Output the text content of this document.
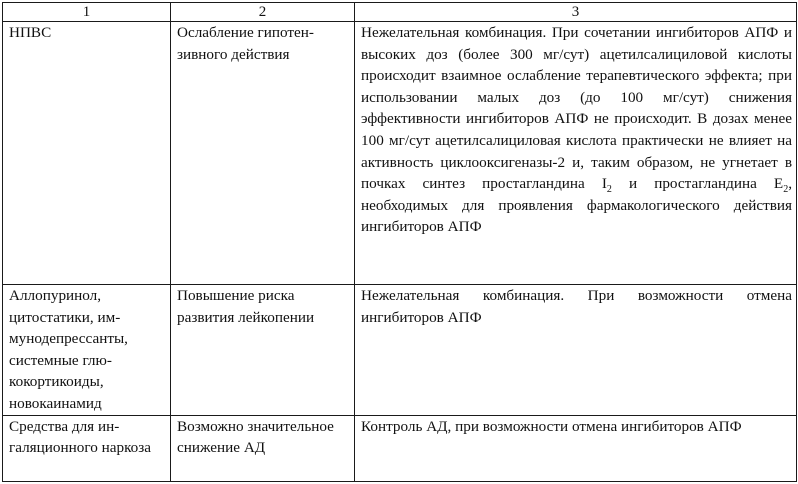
1	2	3

НПВС	Ослабление гипотензивного действия	Нежелательная комбинация. При сочетании ингибиторов АПФ и высоких доз (более 300 мг/сут) ацетилсалициловой кислоты происходит взаимное ослабление терапевтического эффекта; при использовании малых доз (до 100 мг/сут) снижения эффективности ингибиторов АПФ не происходит. В дозах менее 100 мг/сут ацетилсалициловая кислота практически не влияет на активность циклооксигеназы-2 и, таким образом, не угнетает в почках синтез простагландина $I_2$ и простагландина $E_2$, необходимых для проявления фармакологического действия ингибиторов АПФ

Аллопуринол, цитостатики, иммунодепрессанты, системные глюкокортикоиды, новокаинамид	Повышение риска развития лейкопении	Нежелательная комбинация. При возможности отмена ингибиторов АПФ

Средства для ингаляционного наркоза	Возможно значительное снижение АД	Контроль АД, при возможности отмена ингибиторов АПФ
